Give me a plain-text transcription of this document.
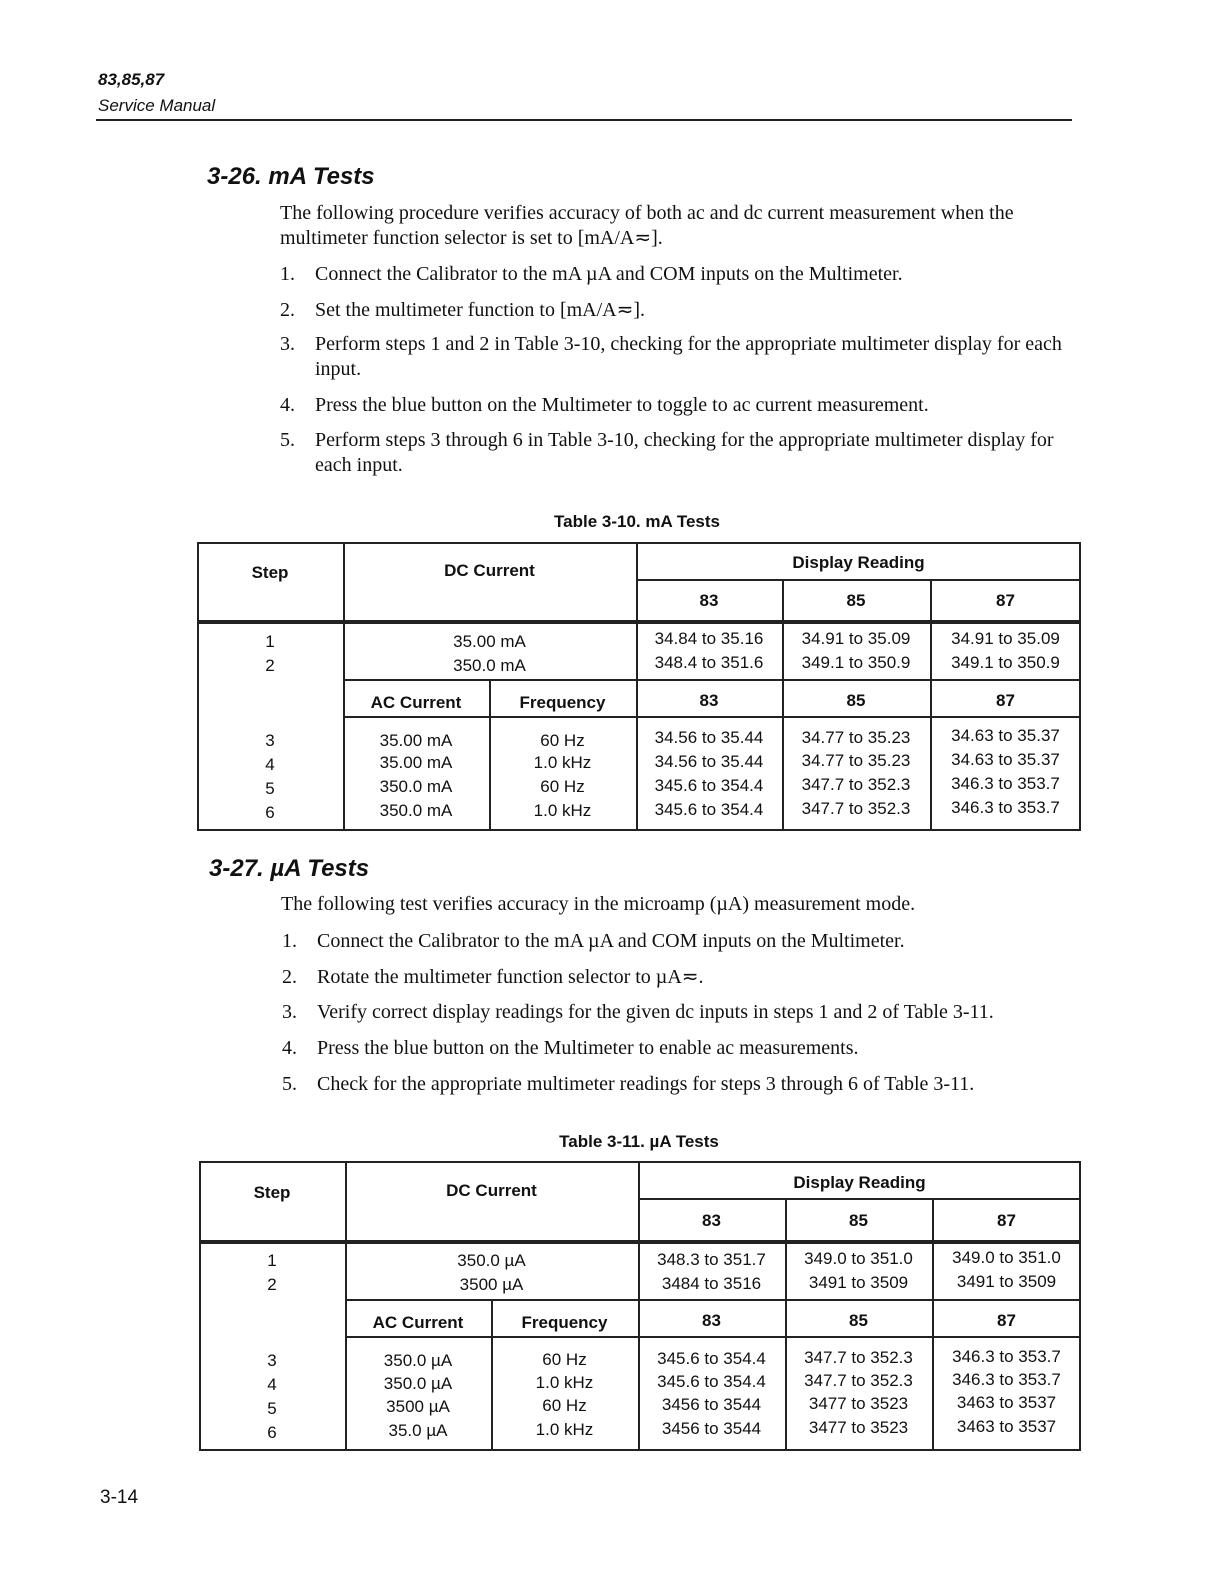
83,85,87
Service Manual
3-26. mA Tests
The following procedure verifies accuracy of both ac and dc current measurement when the multimeter function selector is set to [mA/A≂].
1. Connect the Calibrator to the mA µA and COM inputs on the Multimeter.
2. Set the multimeter function to [mA/A≂].
3. Perform steps 1 and 2 in Table 3-10, checking for the appropriate multimeter display for each input.
4. Press the blue button on the Multimeter to toggle to ac current measurement.
5. Perform steps 3 through 6 in Table 3-10, checking for the appropriate multimeter display for each input.
Table 3-10. mA Tests
Step	DC Current	Display Reading
83	85	87
1	35.00 mA	34.84 to 35.16	34.91 to 35.09	34.91 to 35.09
2	350.0 mA	348.4 to 351.6	349.1 to 350.9	349.1 to 350.9
AC Current	Frequency	83	85	87
3	35.00 mA	60 Hz	34.56 to 35.44	34.77 to 35.23	34.63 to 35.37
4	35.00 mA	1.0 kHz	34.56 to 35.44	34.77 to 35.23	34.63 to 35.37
5	350.0 mA	60 Hz	345.6 to 354.4	347.7 to 352.3	346.3 to 353.7
6	350.0 mA	1.0 kHz	345.6 to 354.4	347.7 to 352.3	346.3 to 353.7
3-27. µA Tests
The following test verifies accuracy in the microamp (µA) measurement mode.
1. Connect the Calibrator to the mA µA and COM inputs on the Multimeter.
2. Rotate the multimeter function selector to µA≂.
3. Verify correct display readings for the given dc inputs in steps 1 and 2 of Table 3-11.
4. Press the blue button on the Multimeter to enable ac measurements.
5. Check for the appropriate multimeter readings for steps 3 through 6 of Table 3-11.
Table 3-11. µA Tests
Step	DC Current	Display Reading
83	85	87
1	350.0 µA	348.3 to 351.7	349.0 to 351.0	349.0 to 351.0
2	3500 µA	3484 to 3516	3491 to 3509	3491 to 3509
AC Current	Frequency	83	85	87
3	350.0 µA	60 Hz	345.6 to 354.4	347.7 to 352.3	346.3 to 353.7
4	350.0 µA	1.0 kHz	345.6 to 354.4	347.7 to 352.3	346.3 to 353.7
5	3500 µA	60 Hz	3456 to 3544	3477 to 3523	3463 to 3537
6	35.0 µA	1.0 kHz	3456 to 3544	3477 to 3523	3463 to 3537
3-14
